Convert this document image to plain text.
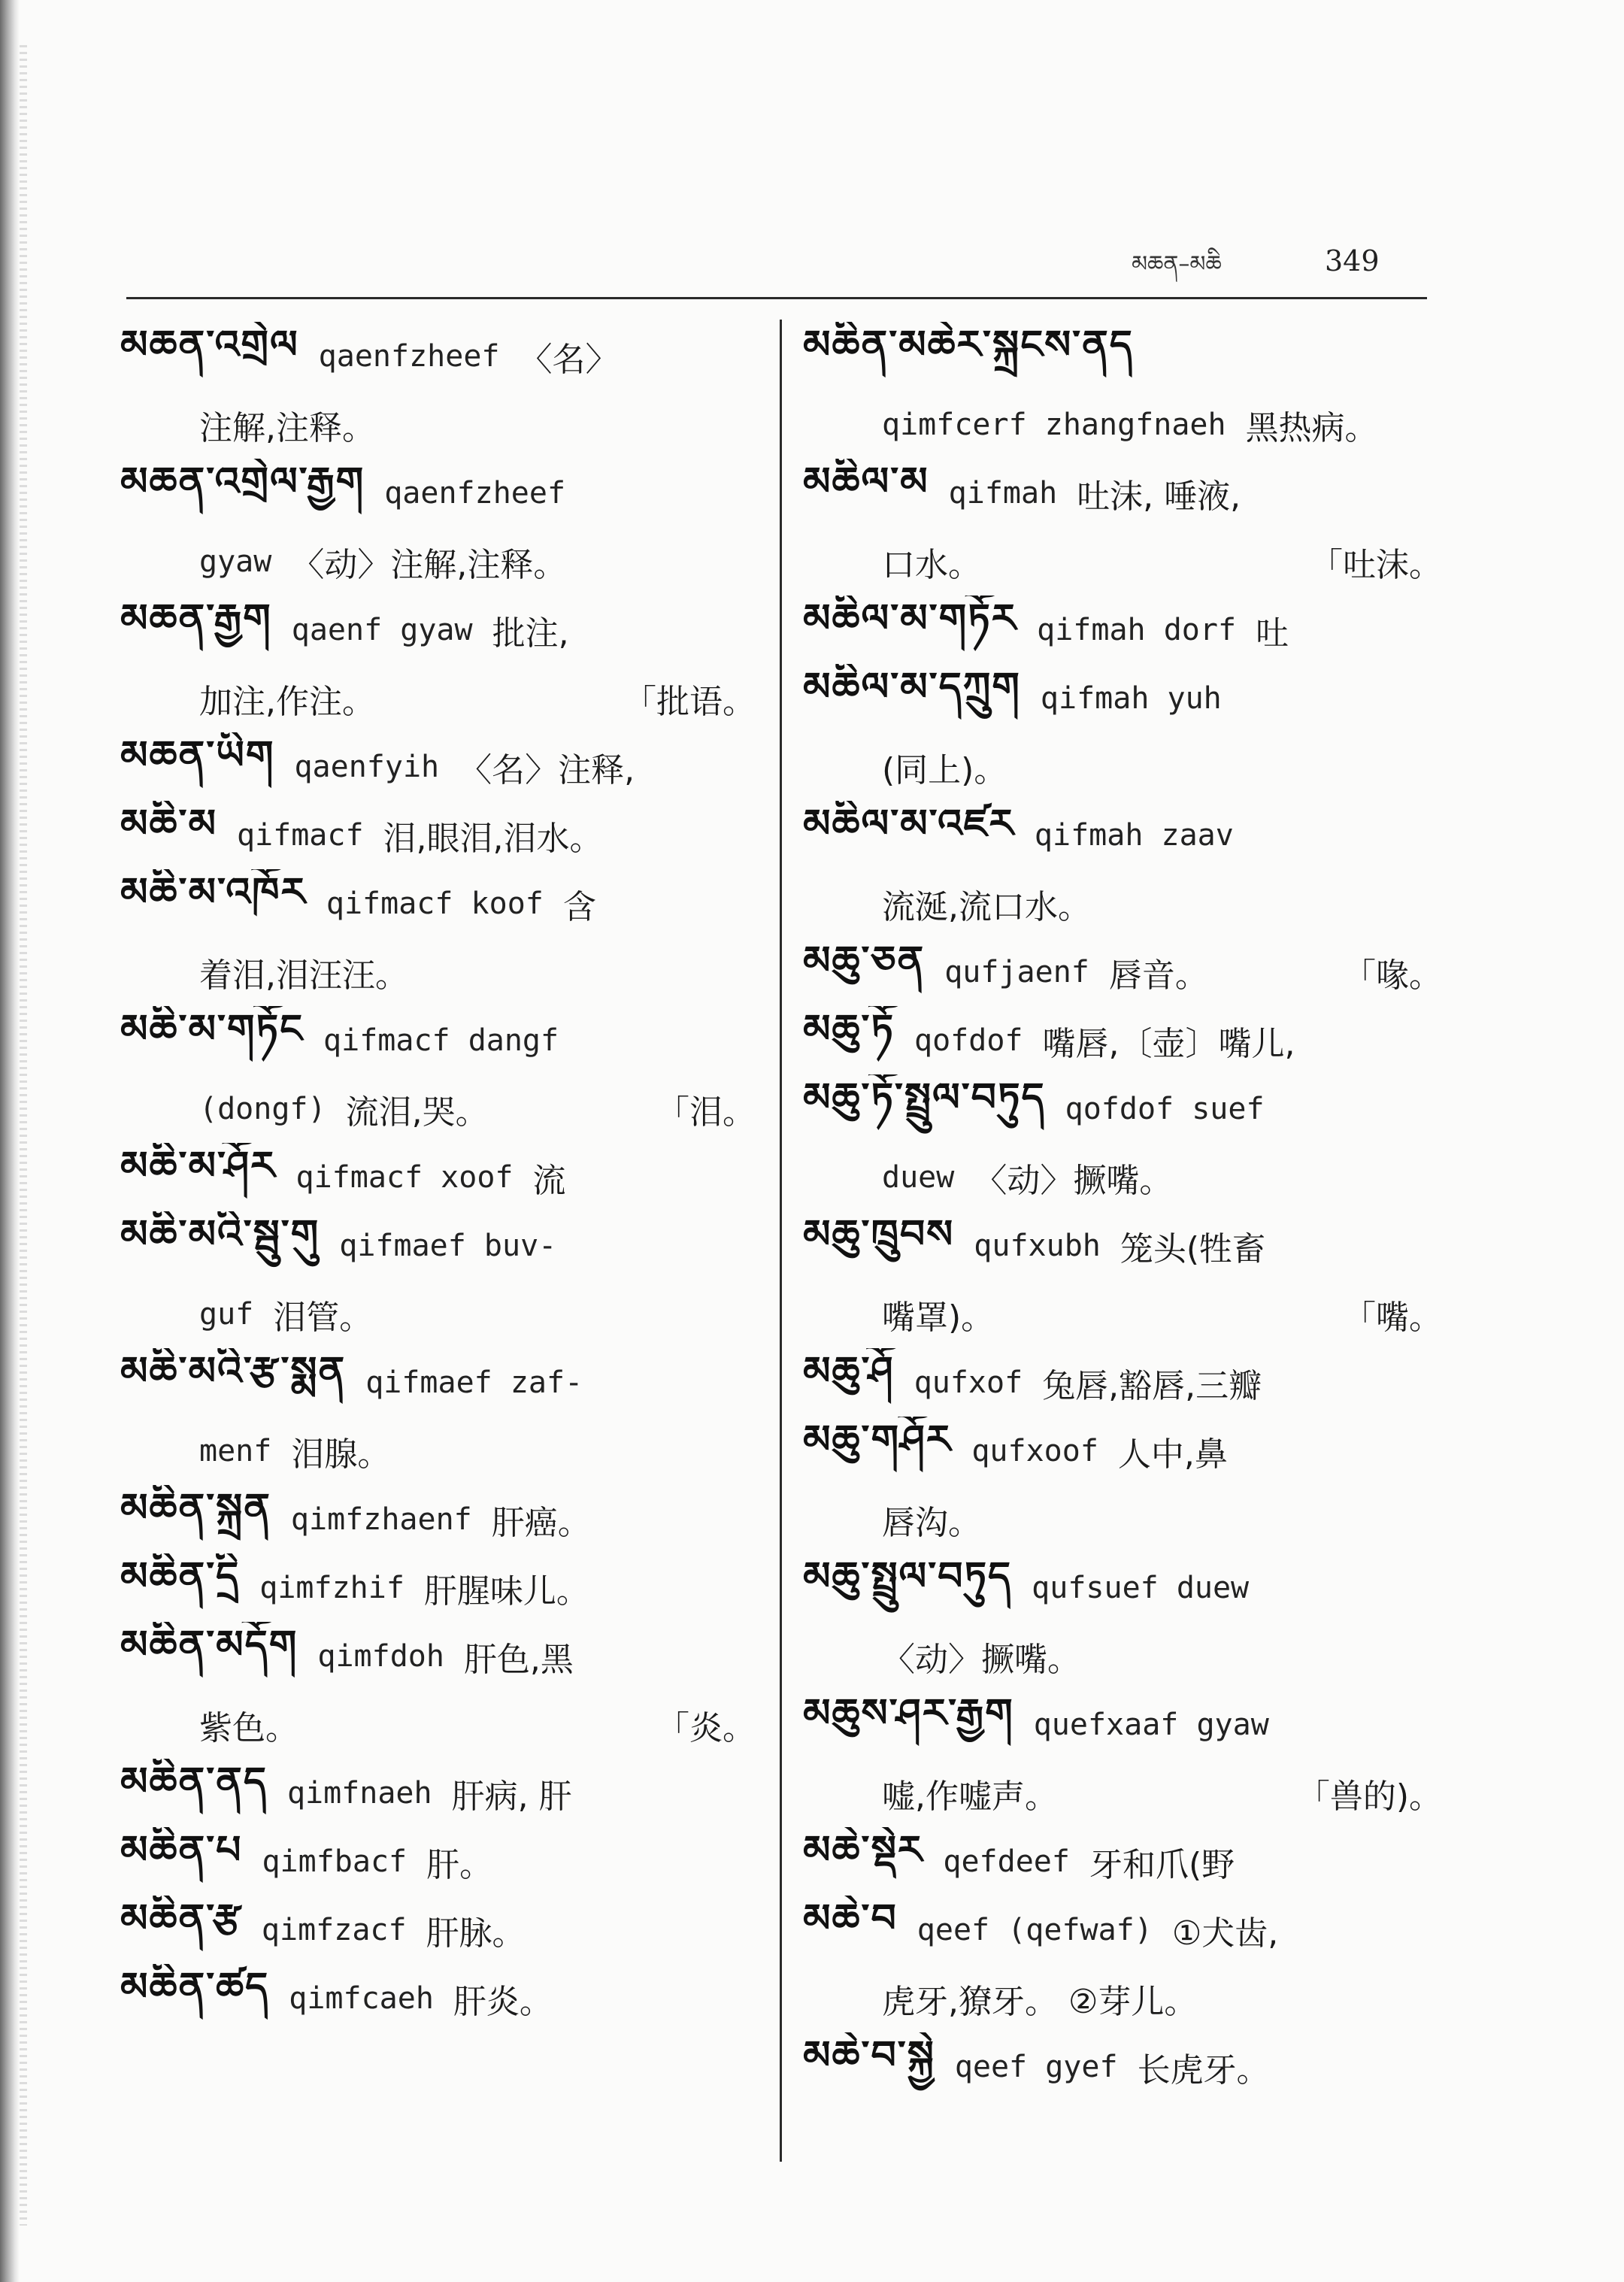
མཆན–མཆི	349
མཆན་འགྲེལ qaenfzheef 〈名〉
注解,注释。
མཆན་འགྲེལ་རྒྱག qaenfzheef
gyaw 〈动〉注解,注释。
མཆན་རྒྱག qaenf gyaw 批注,
加注,作注。	「批语。
མཆན་ཡིག qaenfyih 〈名〉注释,
མཆི་མ qifmacf 泪,眼泪,泪水。
མཆི་མ་འཁོར qifmacf koof 含
着泪,泪汪汪。
མཆི་མ་གཏོང qifmacf dangf
(dongf) 流泪,哭。	「泪。
མཆི་མ་ཤོར qifmacf xoof 流
མཆི་མའི་སྦུ་གུ qifmaef buv-
guf 泪管。
མཆི་མའི་རྩ་སྨན qifmaef zaf-
menf 泪腺。
མཆིན་སྐྲན qimfzhaenf 肝癌。
མཆིན་དྲི qimfzhif 肝腥味儿。
མཆིན་མདོག qimfdoh 肝色,黑
紫色。	「炎。
མཆིན་ནད qimfnaeh 肝病, 肝
མཆིན་པ qimfbacf 肝。
མཆིན་རྩ qimfzacf 肝脉。
མཆིན་ཚད qimfcaeh 肝炎。
མཆིན་མཆེར་སྐྲངས་ནད
qimfcerf zhangfnaeh 黑热病。
མཆིལ་མ qifmah 吐沫, 唾液,
口水。	「吐沫。
མཆིལ་མ་གཏོར qifmah dorf 吐
མཆིལ་མ་དཀྲུག qifmah yuh
(同上)。
མཆིལ་མ་འཛར qifmah zaav
流涎,流口水。
མཆུ་ཅན qufjaenf 唇音。	「喙。
མཆུ་ཏོ qofdof 嘴唇,〔壶〕嘴儿,
མཆུ་ཏོ་སྤྲུལ་བཏུད qofdof suef
duew 〈动〉撅嘴。
མཆུ་ཁྲུབས qufxubh 笼头(牲畜
嘴罩)。	「嘴。
མཆུ་ཤོ qufxof 兔唇,豁唇,三瓣
མཆུ་གཤོར qufxoof 人中,鼻
唇沟。
མཆུ་སྤྲུལ་བཏུད qufsuef duew
〈动〉撅嘴。
མཆུས་ཤར་རྒྱག quefxaaf gyaw
嘘,作嘘声。	「兽的)。
མཆེ་སྡེར qefdeef 牙和爪(野
མཆེ་བ qeef (qefwaf) ①犬齿,
虎牙,獠牙。 ②芽儿。
མཆེ་བ་སྐྱེ qeef gyef 长虎牙。
